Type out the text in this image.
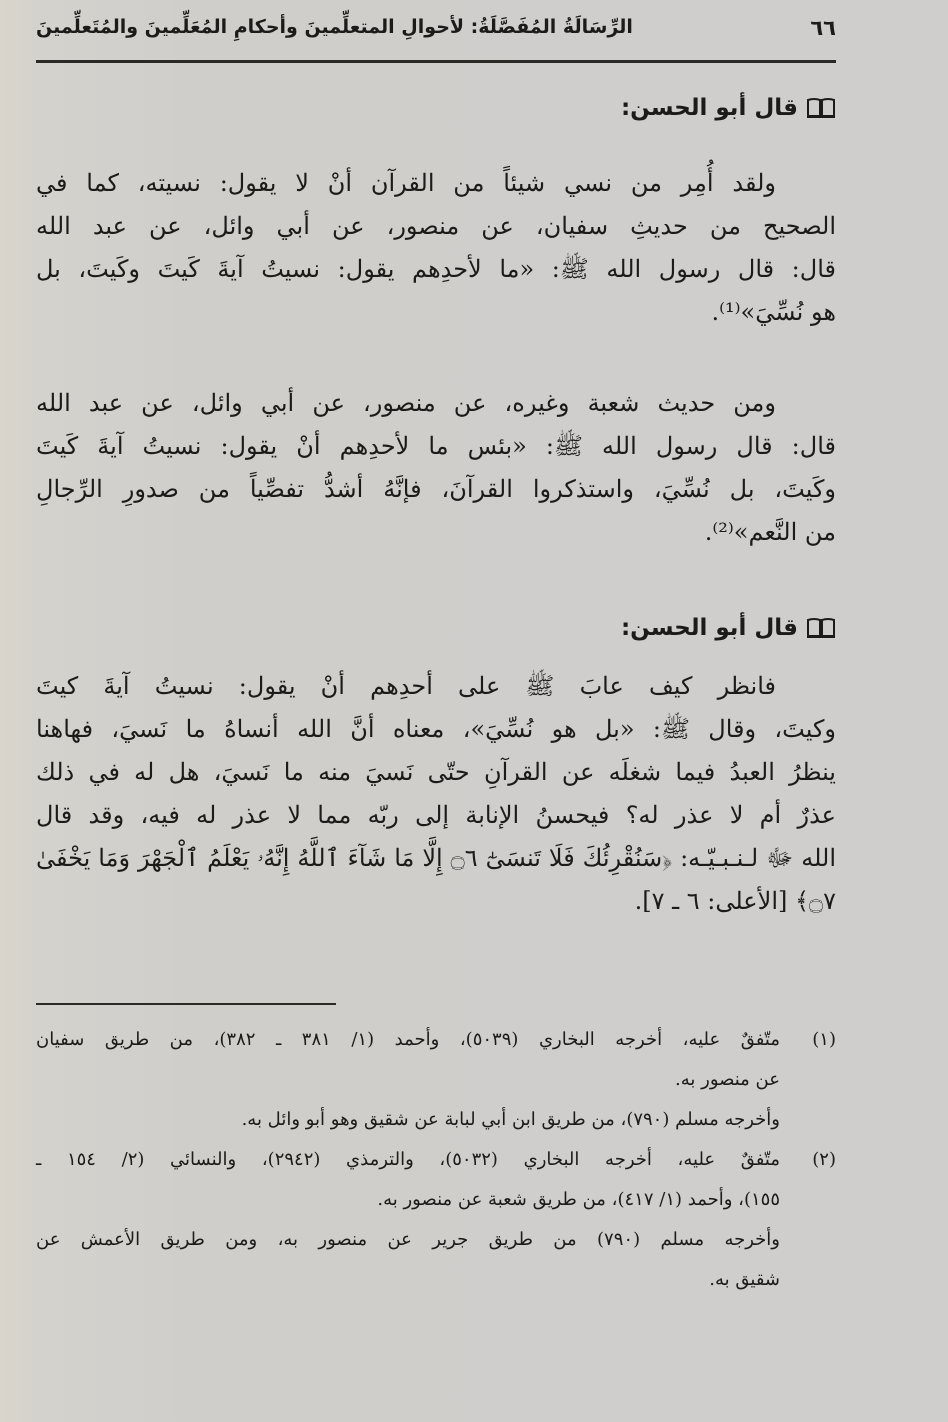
٦٦
الرِّسَالَةُ المُفَصَّلَةُ: لأحوالِ المتعلِّمينَ وأحكامِ المُعَلِّمينَ والمُتَعلِّمينَ
قال أبو الحسن:
ولقد أُمِر من نسي شيئاً من القرآن أنْ لا يقول: نسيته، كما في
الصحيح من حديثِ سفيان، عن منصور، عن أبي وائل، عن عبد الله
قال: قال رسول الله ﷺ: «ما لأحدِهم يقول: نسيتُ آيةَ كَيتَ وكَيتَ، بل
هو نُسِّيَ»⁽¹⁾.
ومن حديث شعبة وغيره، عن منصور، عن أبي وائل، عن عبد الله
قال: قال رسول الله ﷺ: «بئس ما لأحدِهم أنْ يقول: نسيتُ آيةَ كَيتَ
وكَيتَ، بل نُسِّيَ، واستذكروا القرآنَ، فإنَّهُ أشدُّ تفصِّياً من صدورِ الرِّجالِ
من النَّعم»⁽²⁾.
قال أبو الحسن:
فانظر كيف عابَ ﷺ على أحدِهم أنْ يقول: نسيتُ آيةَ كيتَ
وكيتَ، وقال ﷺ: «بل هو نُسِّيَ»، معناه أنَّ الله أنساهُ ما نَسيَ، فهاهنا
ينظرُ العبدُ فيما شغلَه عن القرآنِ حتّى نَسيَ منه ما نَسيَ، هل له في ذلك
عذرٌ أم لا عذر له؟ فيحسنُ الإنابة إلى ربّه مما لا عذر له فيه، وقد قال
الله ﷻ لـنـبـيّـه: ﴿سَنُقْرِئُكَ فَلَا تَنسَىٰٓ ۝٦ إِلَّا مَا شَآءَ ٱللَّهُ إِنَّهُۥ يَعْلَمُ ٱلْجَهْرَ وَمَا يَخْفَىٰ
۝٧﴾ [الأعلى: ٦ ـ ٧].
(١)
متّفقٌ عليه، أخرجه البخاري (٥٠٣٩)، وأحمد (١/ ٣٨١ ـ ٣٨٢)، من طريق سفيان
عن منصور به.
وأخرجه مسلم (٧٩٠)، من طريق ابن أبي لبابة عن شقيق وهو أبو وائل به.
(٢)
متّفقٌ عليه، أخرجه البخاري (٥٠٣٢)، والترمذي (٢٩٤٢)، والنسائي (٢/ ١٥٤ ـ
١٥٥)، وأحمد (١/ ٤١٧)، من طريق شعبة عن منصور به.
وأخرجه مسلم (٧٩٠) من طريق جرير عن منصور به، ومن طريق الأعمش عن
شقيق به.
